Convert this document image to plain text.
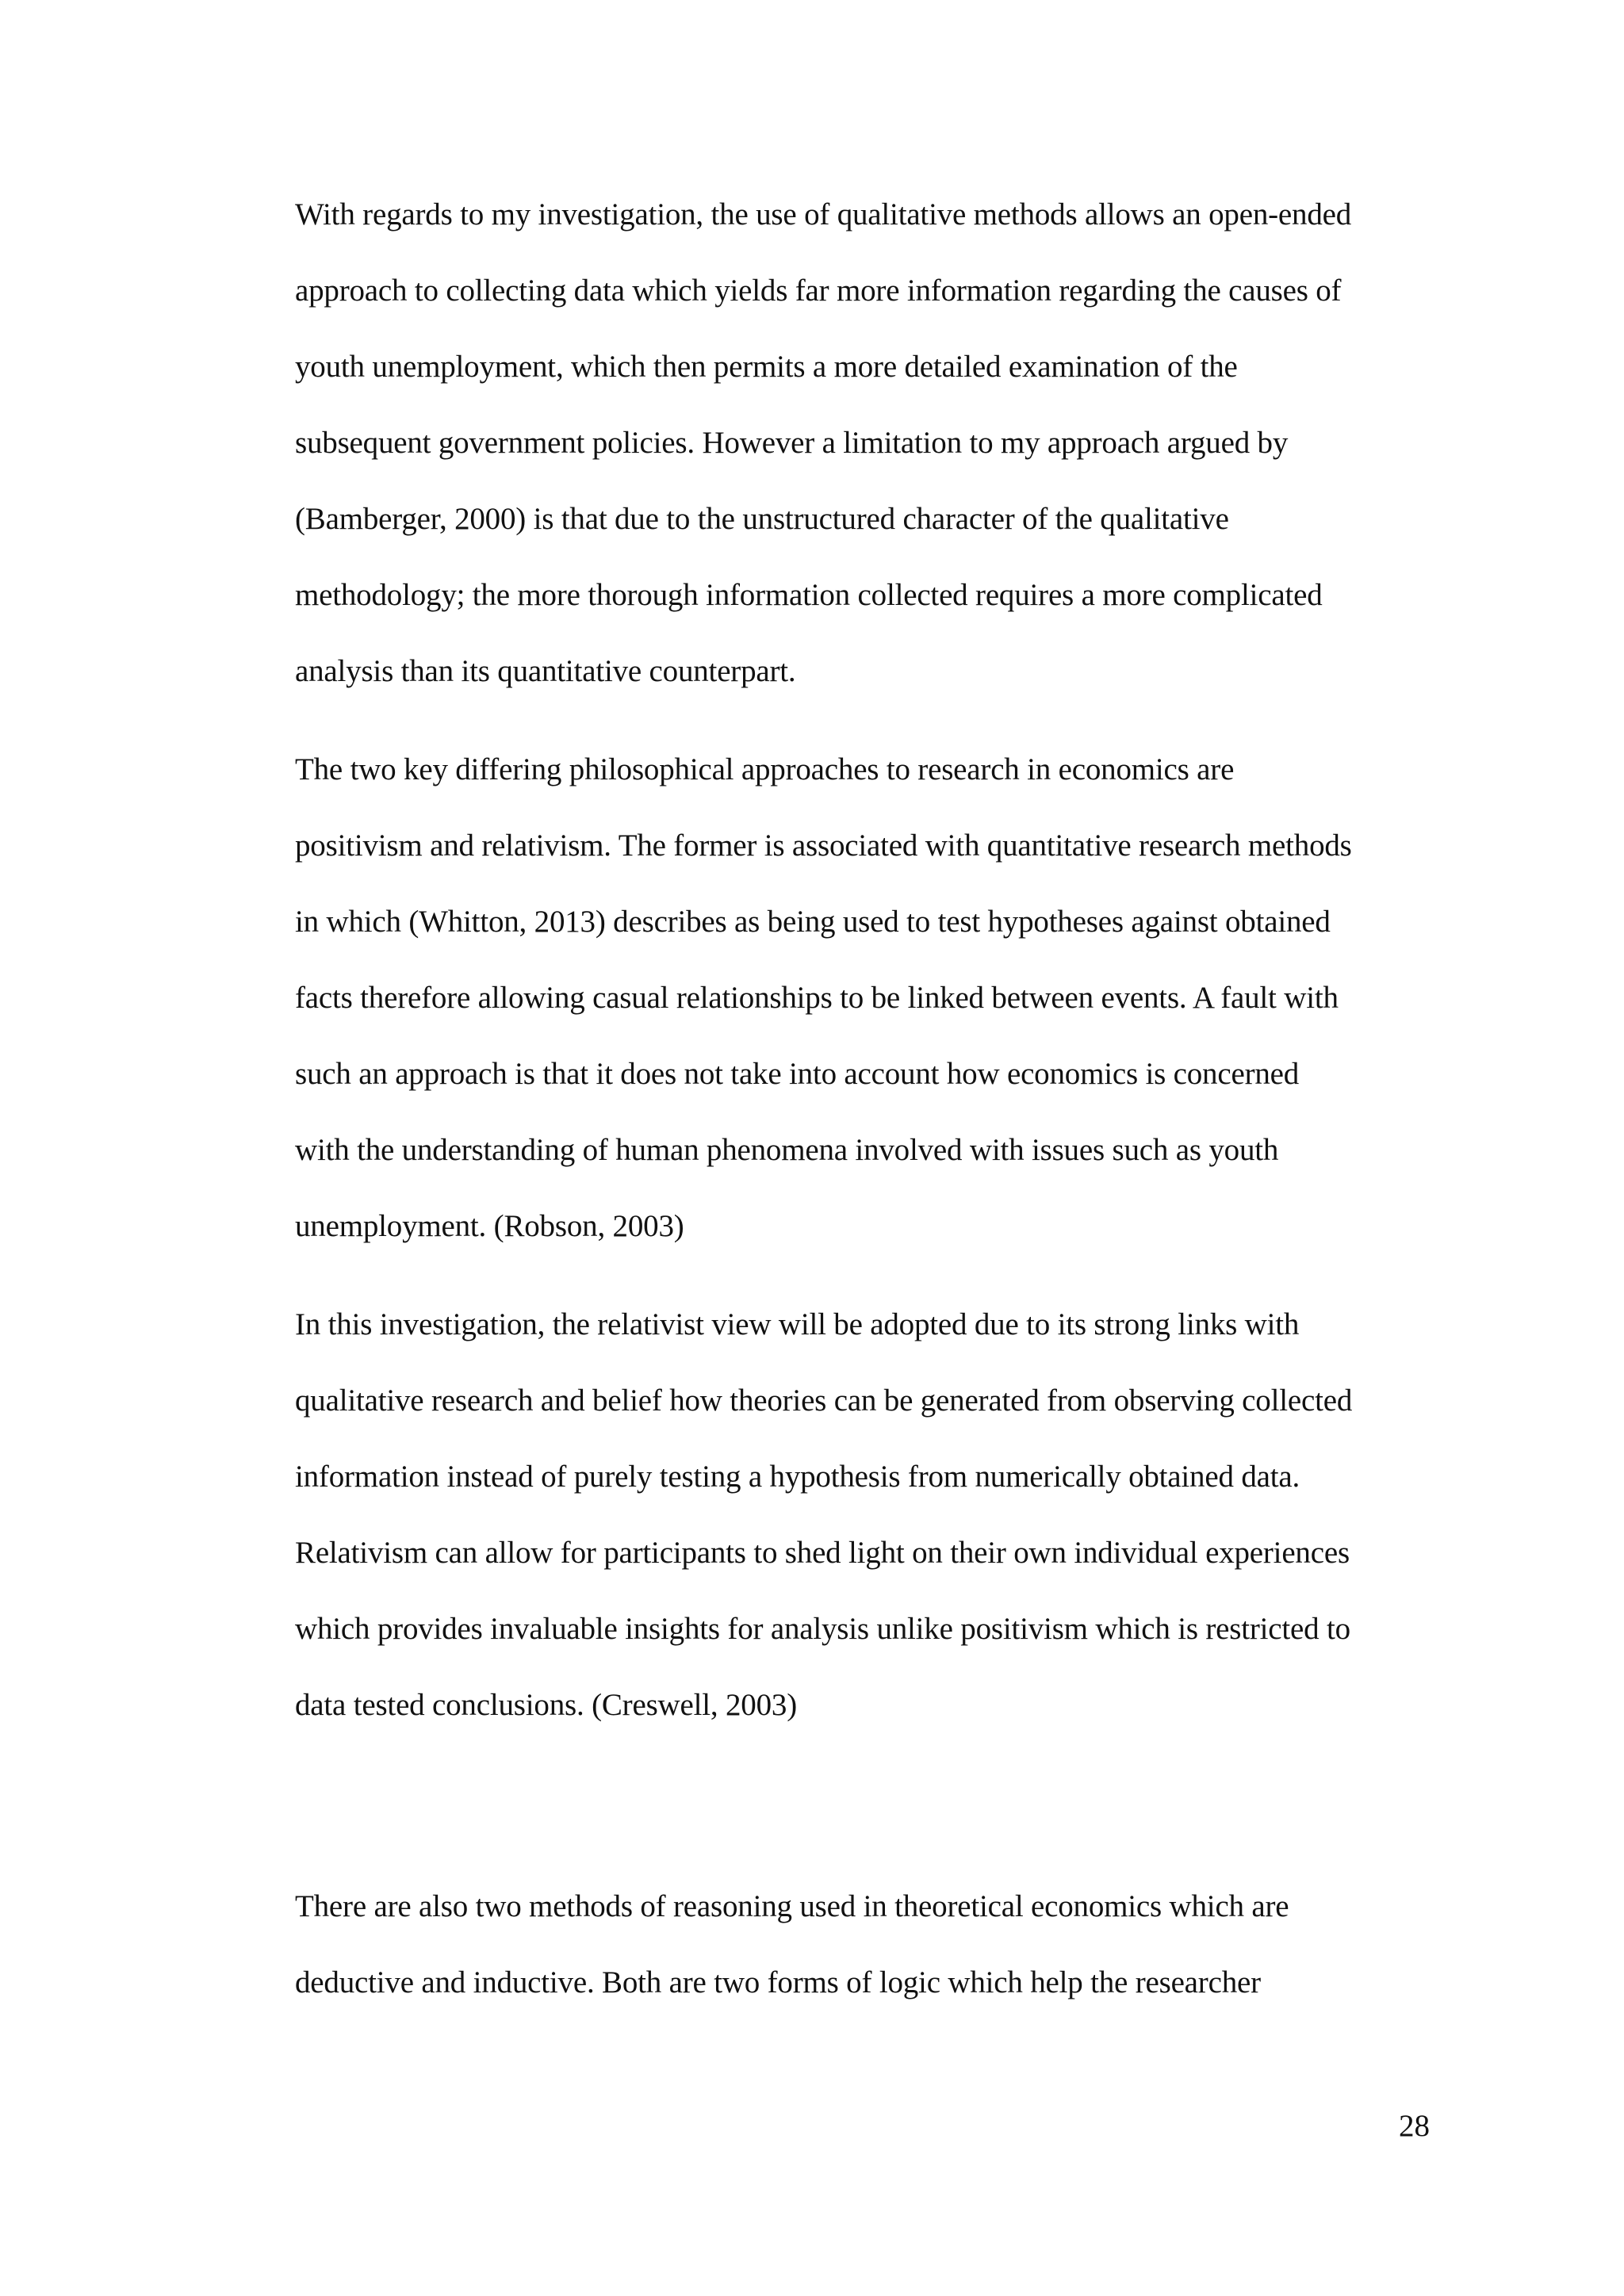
With regards to my investigation, the use of qualitative methods allows an open-ended
approach to collecting data which yields far more information regarding the causes of
youth unemployment, which then permits a more detailed examination of the
subsequent government policies. However a limitation to my approach argued by
(Bamberger, 2000) is that due to the unstructured character of the qualitative
methodology; the more thorough information collected requires a more complicated
analysis than its quantitative counterpart.
The two key differing philosophical approaches to research in economics are
positivism and relativism. The former is associated with quantitative research methods
in which (Whitton, 2013) describes as being used to test hypotheses against obtained
facts therefore allowing casual relationships to be linked between events. A fault with
such an approach is that it does not take into account how economics is concerned
with the understanding of human phenomena involved with issues such as youth
unemployment. (Robson, 2003)
In this investigation, the relativist view will be adopted due to its strong links with
qualitative research and belief how theories can be generated from observing collected
information instead of purely testing a hypothesis from numerically obtained data.
Relativism can allow for participants to shed light on their own individual experiences
which provides invaluable insights for analysis unlike positivism which is restricted to
data tested conclusions. (Creswell, 2003)
There are also two methods of reasoning used in theoretical economics which are
deductive and inductive. Both are two forms of logic which help the researcher
28
